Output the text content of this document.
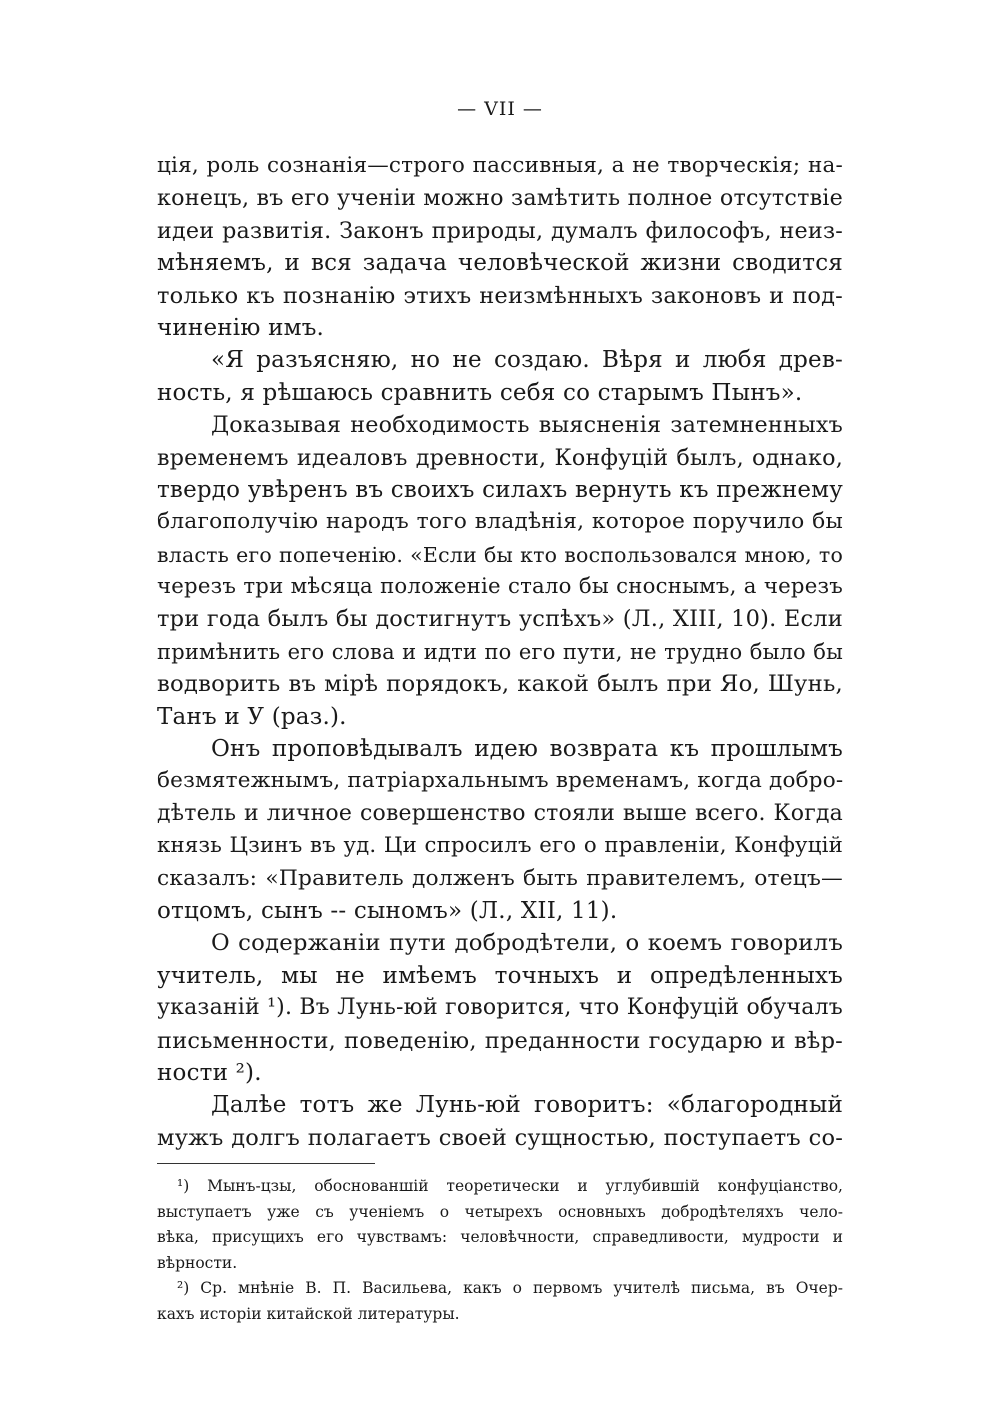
— VII —
ція, роль сознанія—строго пассивныя, а не творческія; на-
конецъ, въ его ученіи можно замѣтить полное отсутствіе
идеи развитія. Законъ природы, думалъ философъ, неиз-
мѣняемъ, и вся задача человѣческой жизни сводится
только къ познанію этихъ неизмѣнныхъ законовъ и под-
чиненію имъ.
«Я разъясняю, но не создаю. Вѣря и любя древ-
ность, я рѣшаюсь сравнить себя со старымъ Пынъ».
Доказывая необходимость выясненія затемненныхъ
временемъ идеаловъ древности, Конфуцій былъ, однако,
твердо увѣренъ въ своихъ силахъ вернуть къ прежнему
благополучію народъ того владѣнія, которое поручило бы
власть его попеченію. «Если бы кто воспользовался мною, то
черезъ три мѣсяца положеніе стало бы сноснымъ, а черезъ
три года былъ бы достигнутъ успѣхъ» (Л., XIII, 10). Если
примѣнить его слова и идти по его пути, не трудно было бы
водворить въ мірѣ порядокъ, какой былъ при Яо, Шунь,
Танъ и У (раз.).
Онъ проповѣдывалъ идею возврата къ прошлымъ
безмятежнымъ, патріархальнымъ временамъ, когда добро-
дѣтель и личное совершенство стояли выше всего. Когда
князь Цзинъ въ уд. Ци спросилъ его о правленіи, Конфуцій
сказалъ: «Правитель долженъ быть правителемъ, отецъ—
отцомъ, сынъ -- сыномъ» (Л., XII, 11).
О содержаніи пути добродѣтели, о коемъ говорилъ
учитель, мы не имѣемъ точныхъ и опредѣленныхъ
указаній ¹). Въ Лунь-юй говорится, что Конфуцій обучалъ
письменности, поведенію, преданности государю и вѣр-
ности ²).
Далѣе тотъ же Лунь-юй говоритъ: «благородный
мужъ долгъ полагаетъ своей сущностью, поступаетъ со-
¹) Мынъ-цзы, обоснованшій теоретически и углубившій конфуціанство,
выступаетъ уже съ ученіемъ о четырехъ основныхъ добродѣтеляхъ чело-
вѣка, присущихъ его чувствамъ: человѣчности, справедливости, мудрости и
вѣрности.
²) Ср. мнѣніе В. П. Васильева, какъ о первомъ учителѣ письма, въ Очер-
кахъ исторіи китайской литературы.
